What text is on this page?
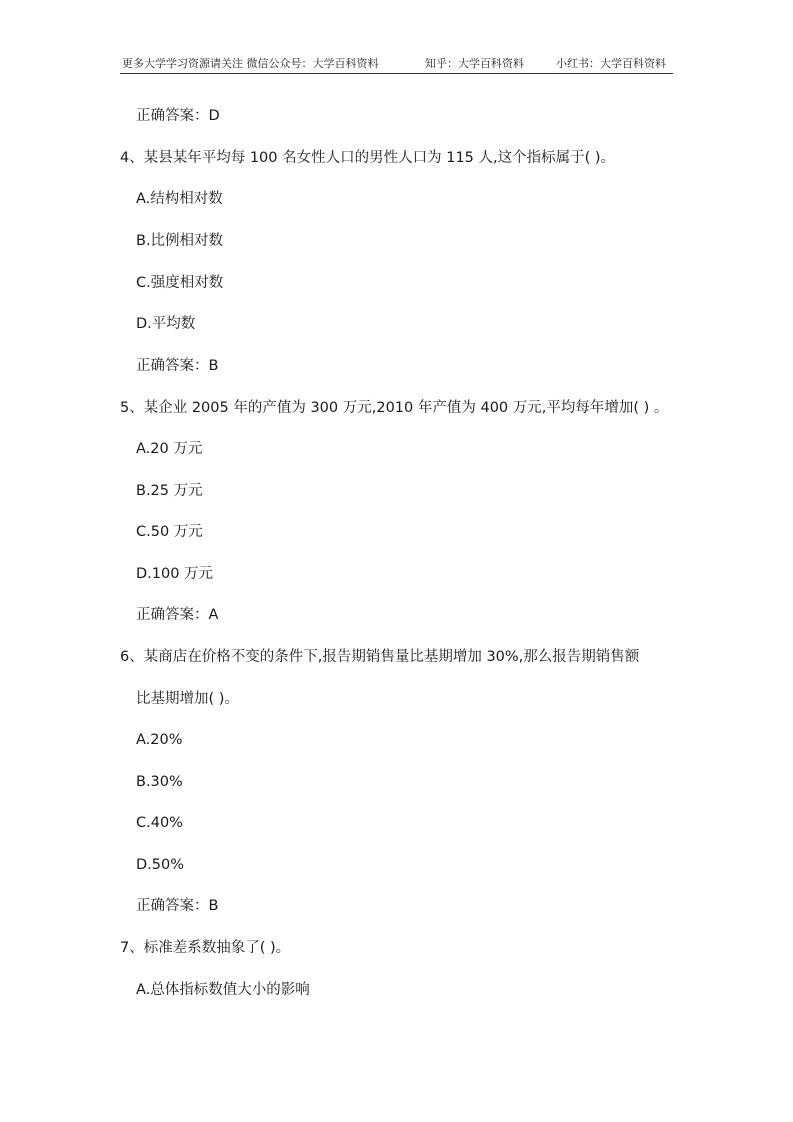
更多大学学习资源请关注 微信公众号：大学百科资料	知乎：大学百科资料	小红书：大学百科资料
正确答案：D
4、某县某年平均每 100 名女性人口的男性人口为 115 人,这个指标属于( )。
A.结构相对数
B.比例相对数
C.强度相对数
D.平均数
正确答案：B
5、某企业 2005 年的产值为 300 万元,2010 年产值为 400 万元,平均每年增加( ) 。
A.20 万元
B.25 万元
C.50 万元
D.100 万元
正确答案：A
6、某商店在价格不变的条件下,报告期销售量比基期增加 30%,那么报告期销售额
比基期增加( )。
A.20%
B.30%
C.40%
D.50%
正确答案：B
7、标准差系数抽象了( )。
A.总体指标数值大小的影响
